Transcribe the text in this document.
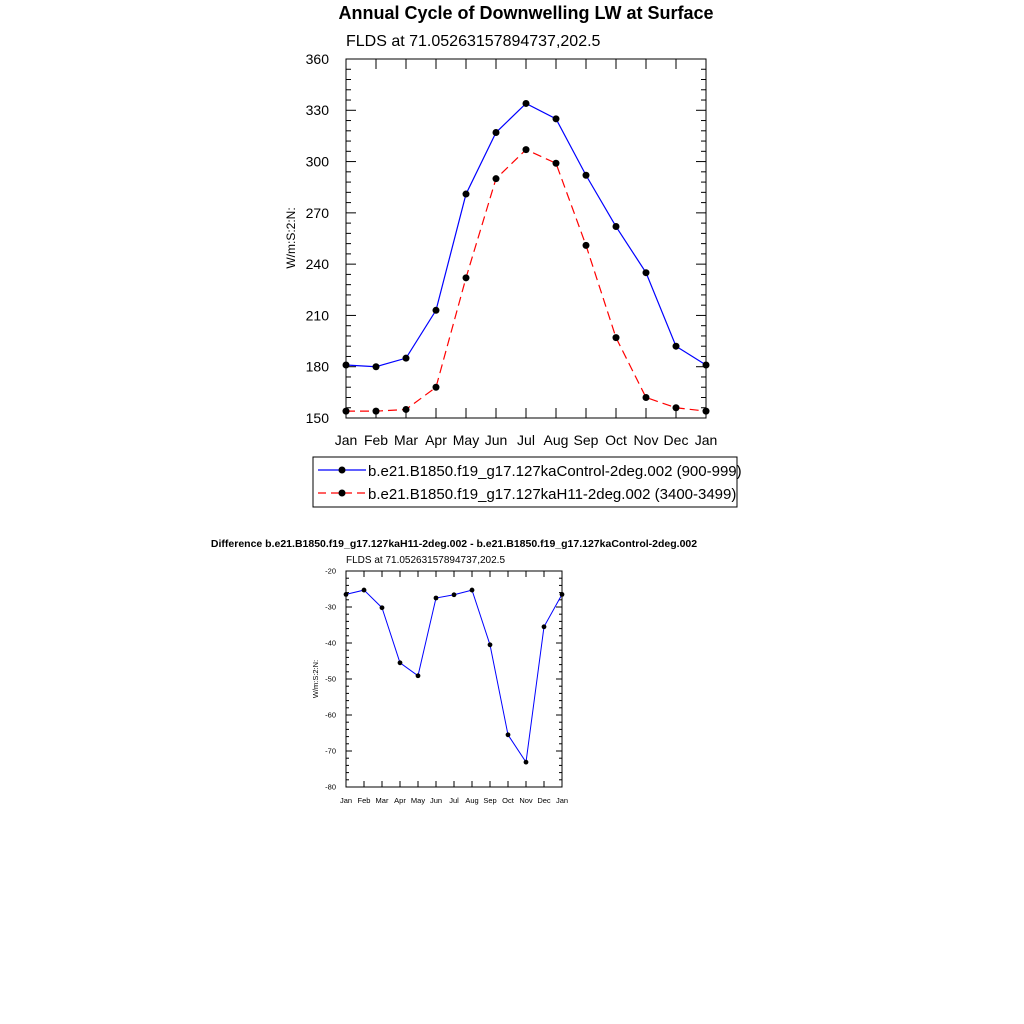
Annual Cycle of Downwelling LW at Surface
FLDS at 71.05263157894737,202.5
Jan Feb Mar Apr May Jun Jul Aug Sep Oct Nov Dec Jan
150
180
210
240
270
300
330
360
W/m:S:2:N:
b.e21.B1850.f19_g17.127kaControl-2deg.002 (900-999)
b.e21.B1850.f19_g17.127kaH11-2deg.002 (3400-3499)
Difference b.e21.B1850.f19_g17.127kaH11-2deg.002 - b.e21.B1850.f19_g17.127kaControl-2deg.002
FLDS at 71.05263157894737,202.5
Jan Feb Mar Apr May Jun Jul Aug Sep Oct Nov Dec Jan
-80
-70
-60
-50
-40
-30
-20
W/m:S:2:N:
